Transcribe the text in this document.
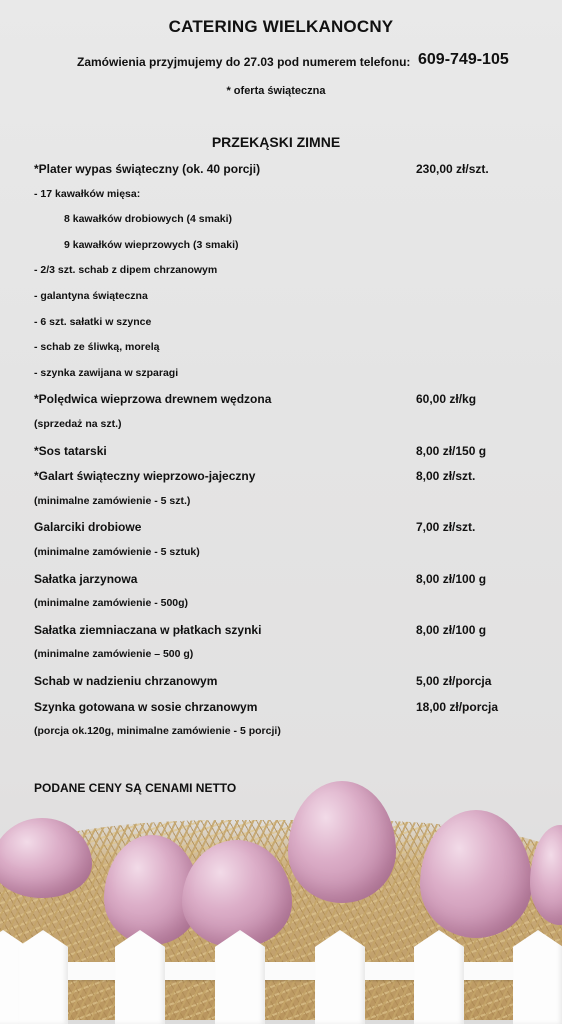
CATERING WIELKANOCNY
Zamówienia przyjmujemy do 27.03 pod numerem telefonu: 609-749-105
* oferta świąteczna
PRZEKĄSKI ZIMNE
*Plater wypas świąteczny (ok. 40 porcji)	230,00 zł/szt.
- 17 kawałków mięsa:
8 kawałków drobiowych (4 smaki)
9 kawałków wieprzowych (3 smaki)
- 2/3 szt. schab z dipem chrzanowym
- galantyna świąteczna
- 6 szt. sałatki w szynce
- schab ze śliwką, morelą
- szynka zawijana w szparagi
*Polędwica wieprzowa drewnem wędzona	60,00 zł/kg
(sprzedaż na szt.)
*Sos tatarski	8,00 zł/150 g
*Galart świąteczny wieprzowo-jajeczny	8,00 zł/szt.
(minimalne zamówienie - 5 szt.)
Galarciki drobiowe	7,00 zł/szt.
(minimalne zamówienie - 5 sztuk)
Sałatka jarzynowa	8,00 zł/100 g
(minimalne zamówienie - 500g)
Sałatka ziemniaczana w płatkach szynki	8,00 zł/100 g
(minimalne zamówienie – 500 g)
Schab w nadzieniu chrzanowym	5,00 zł/porcja
Szynka gotowana w sosie chrzanowym	18,00 zł/porcja
(porcja ok.120g, minimalne zamówienie - 5 porcji)
PODANE CENY SĄ CENAMI NETTO
